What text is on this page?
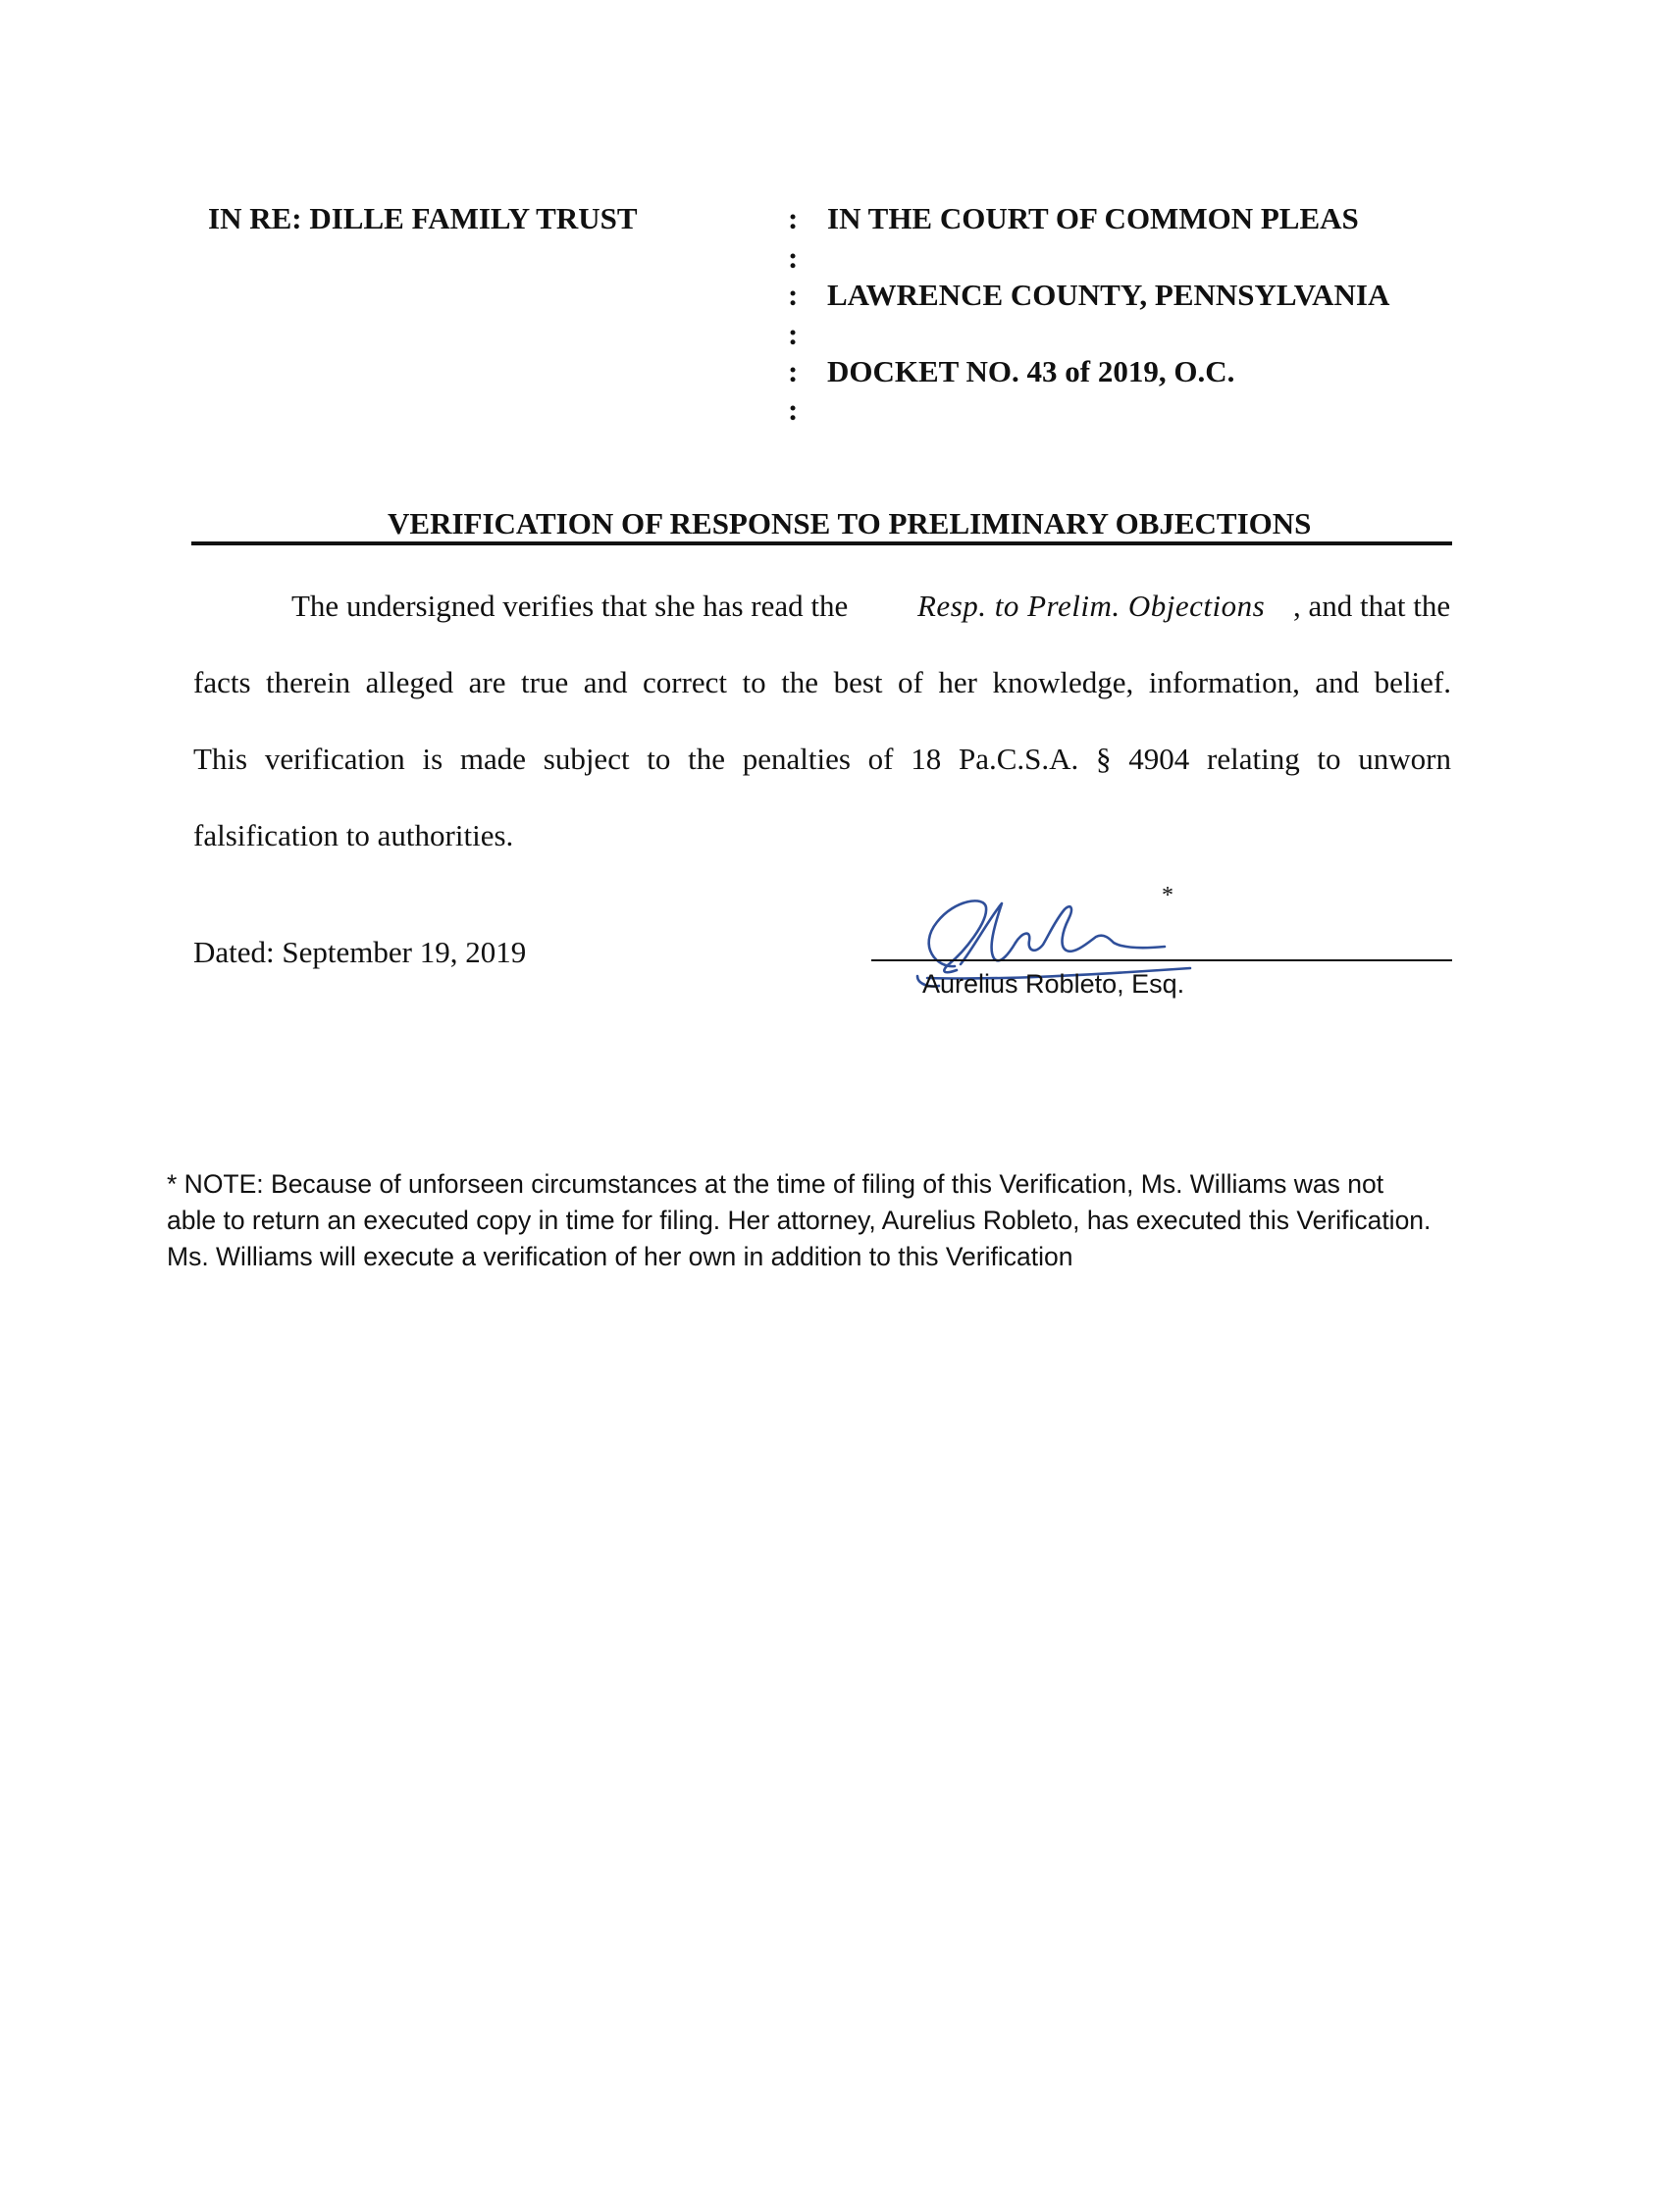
IN RE: DILLE FAMILY TRUST	:
:
:
:
:
:
IN THE COURT OF COMMON PLEAS
LAWRENCE COUNTY, PENNSYLVANIA
DOCKET NO. 43 of 2019, O.C.
VERIFICATION OF RESPONSE TO PRELIMINARY OBJECTIONS
The undersigned verifies that she has read the Resp. to Prelim. Objections , and that the
facts therein alleged are true and correct to the best of her knowledge, information, and belief.
This verification is made subject to the penalties of 18 Pa.C.S.A. § 4904 relating to unworn
falsification to authorities.
Dated: September 19, 2019
*
Aurelius Robleto, Esq.
* NOTE: Because of unforseen circumstances at the time of filing of this Verification, Ms. Williams was not
able to return an executed copy in time for filing. Her attorney, Aurelius Robleto, has executed this Verification.
Ms. Williams will execute a verification of her own in addition to this Verification
